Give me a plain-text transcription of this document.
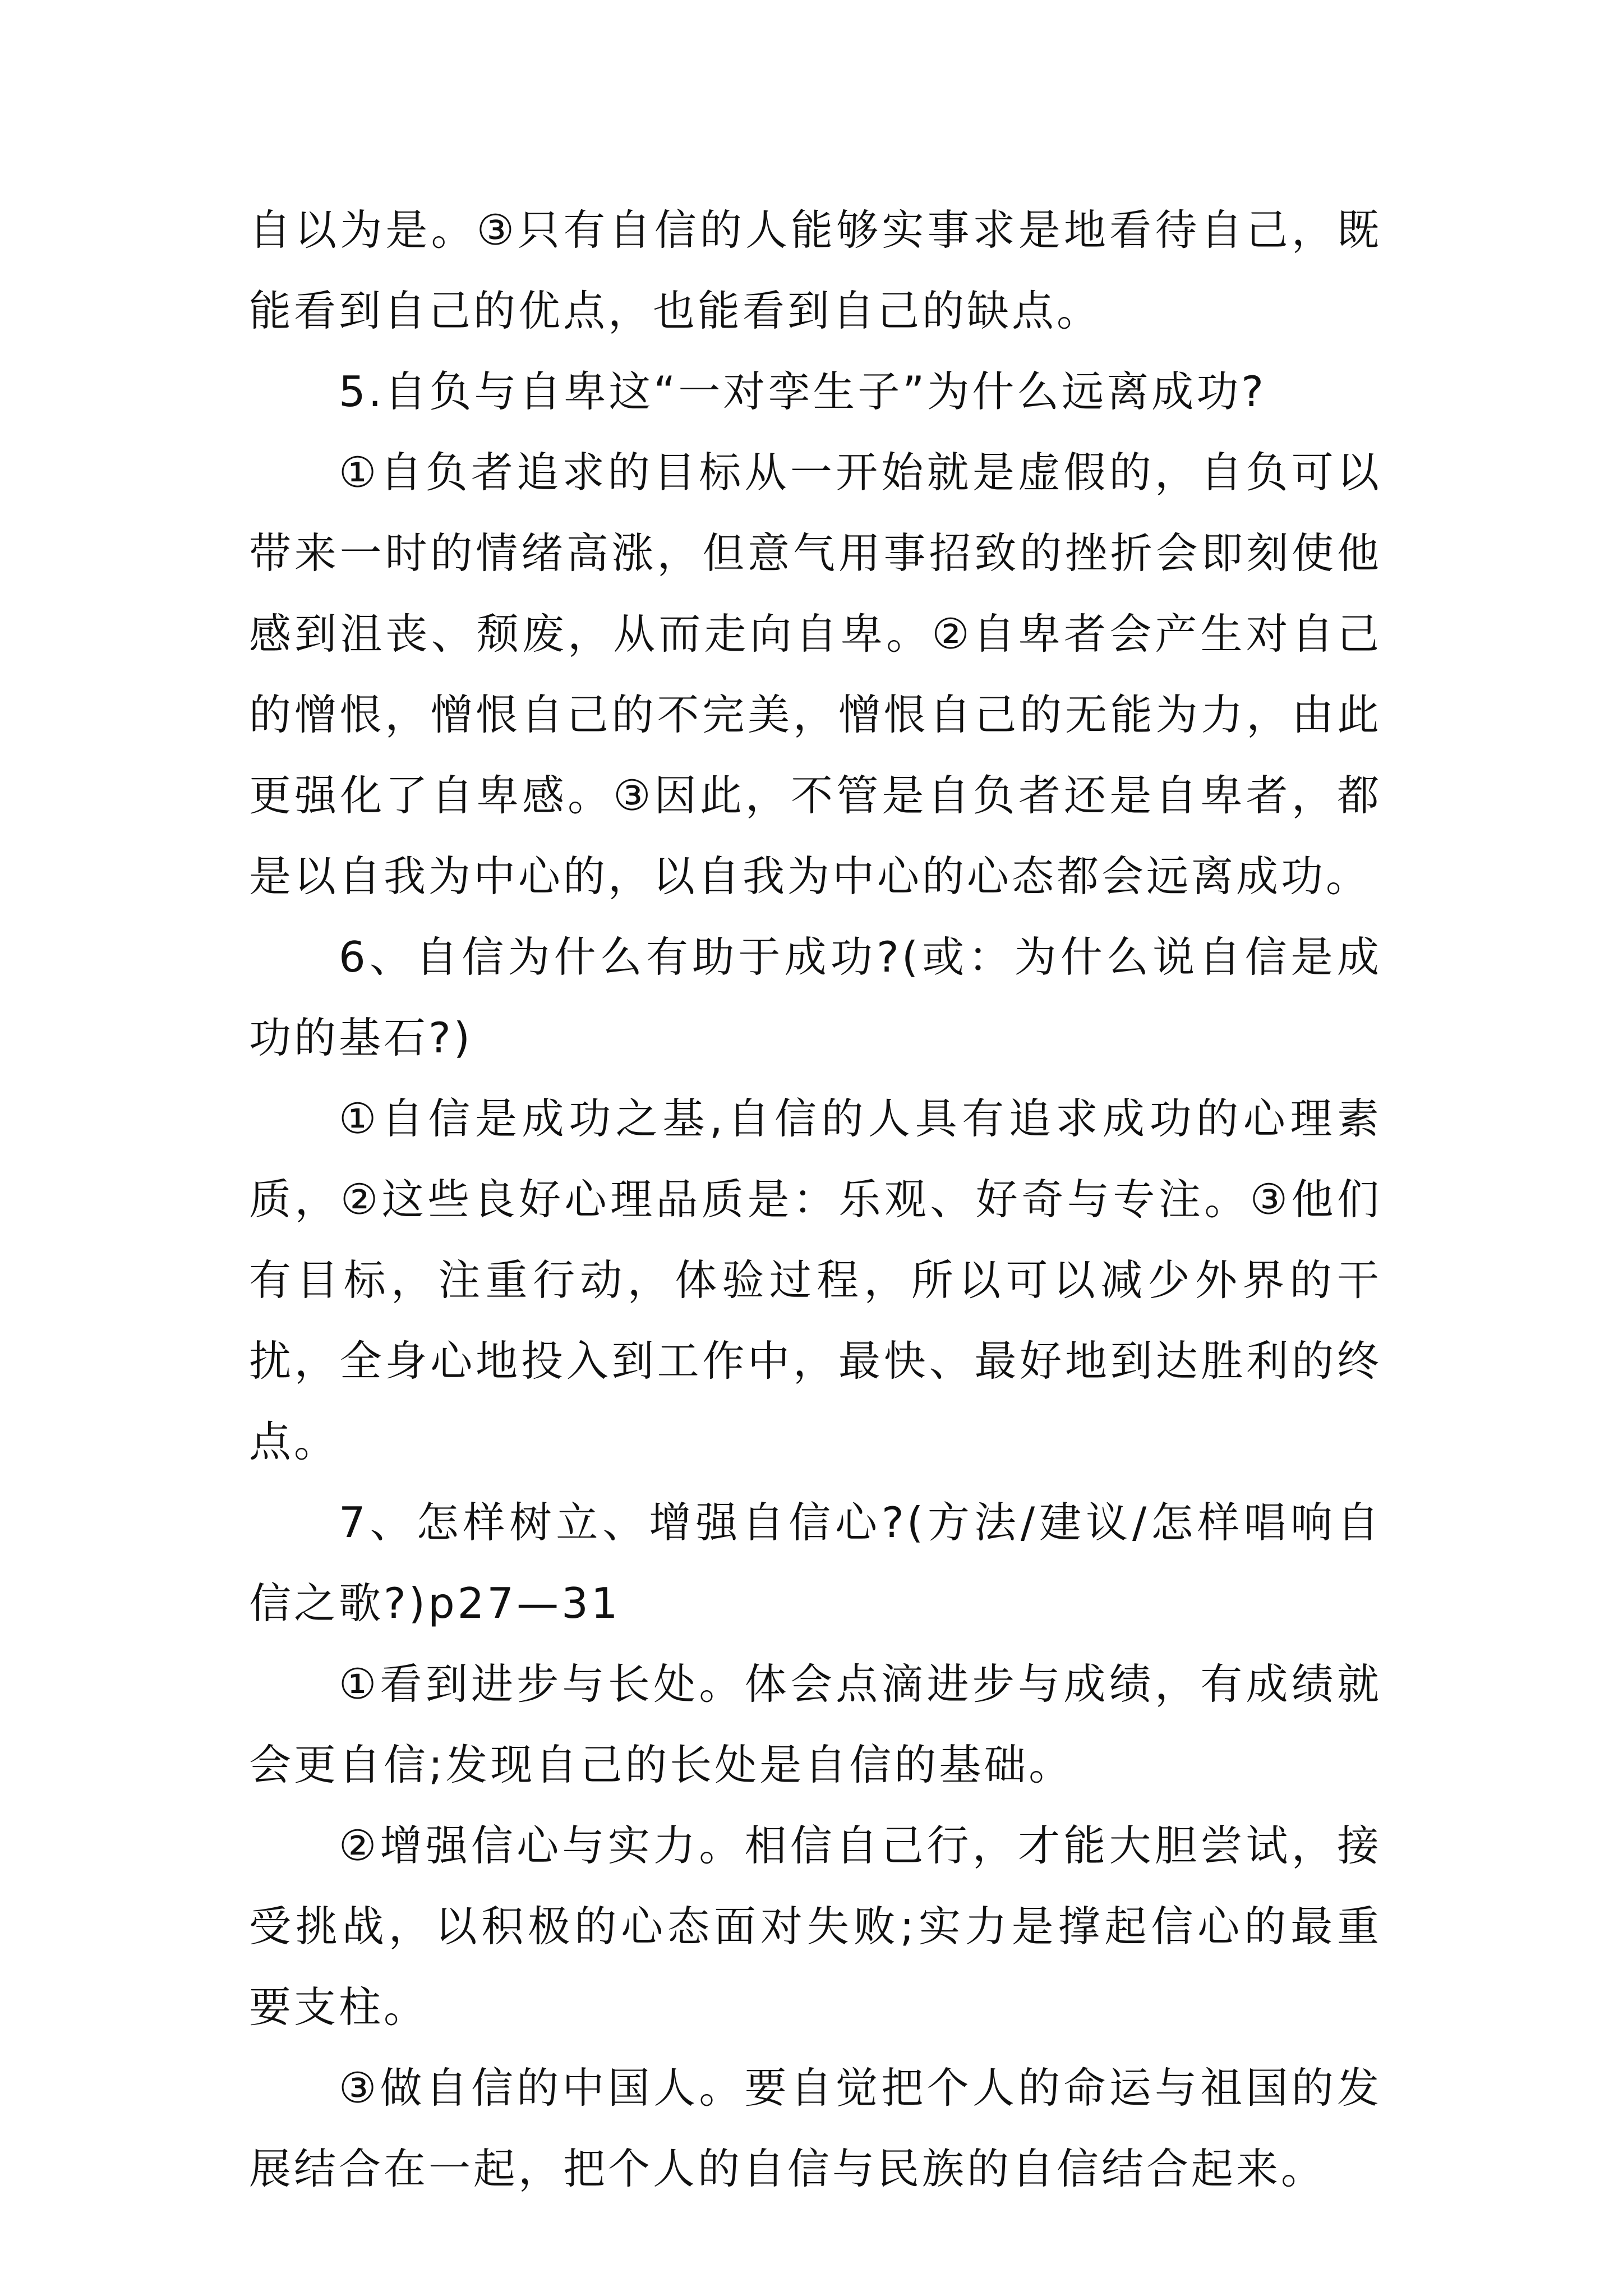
自以为是。③只有自信的人能够实事求是地看待自己，既能看到自己的优点，也能看到自己的缺点。

5.自负与自卑这“一对孪生子”为什么远离成功?

①自负者追求的目标从一开始就是虚假的，自负可以带来一时的情绪高涨，但意气用事招致的挫折会即刻使他感到沮丧、颓废，从而走向自卑。②自卑者会产生对自己的憎恨，憎恨自己的不完美，憎恨自己的无能为力，由此更强化了自卑感。③因此，不管是自负者还是自卑者，都是以自我为中心的，以自我为中心的心态都会远离成功。

6、自信为什么有助于成功?(或：为什么说自信是成功的基石?)

①自信是成功之基,自信的人具有追求成功的心理素质，②这些良好心理品质是：乐观、好奇与专注。③他们有目标，注重行动，体验过程，所以可以减少外界的干扰，全身心地投入到工作中，最快、最好地到达胜利的终点。

7、怎样树立、增强自信心?(方法/建议/怎样唱响自信之歌?)p27—31

①看到进步与长处。体会点滴进步与成绩，有成绩就会更自信;发现自己的长处是自信的基础。

②增强信心与实力。相信自己行，才能大胆尝试，接受挑战，以积极的心态面对失败;实力是撑起信心的最重要支柱。

③做自信的中国人。要自觉把个人的命运与祖国的发展结合在一起，把个人的自信与民族的自信结合起来。
